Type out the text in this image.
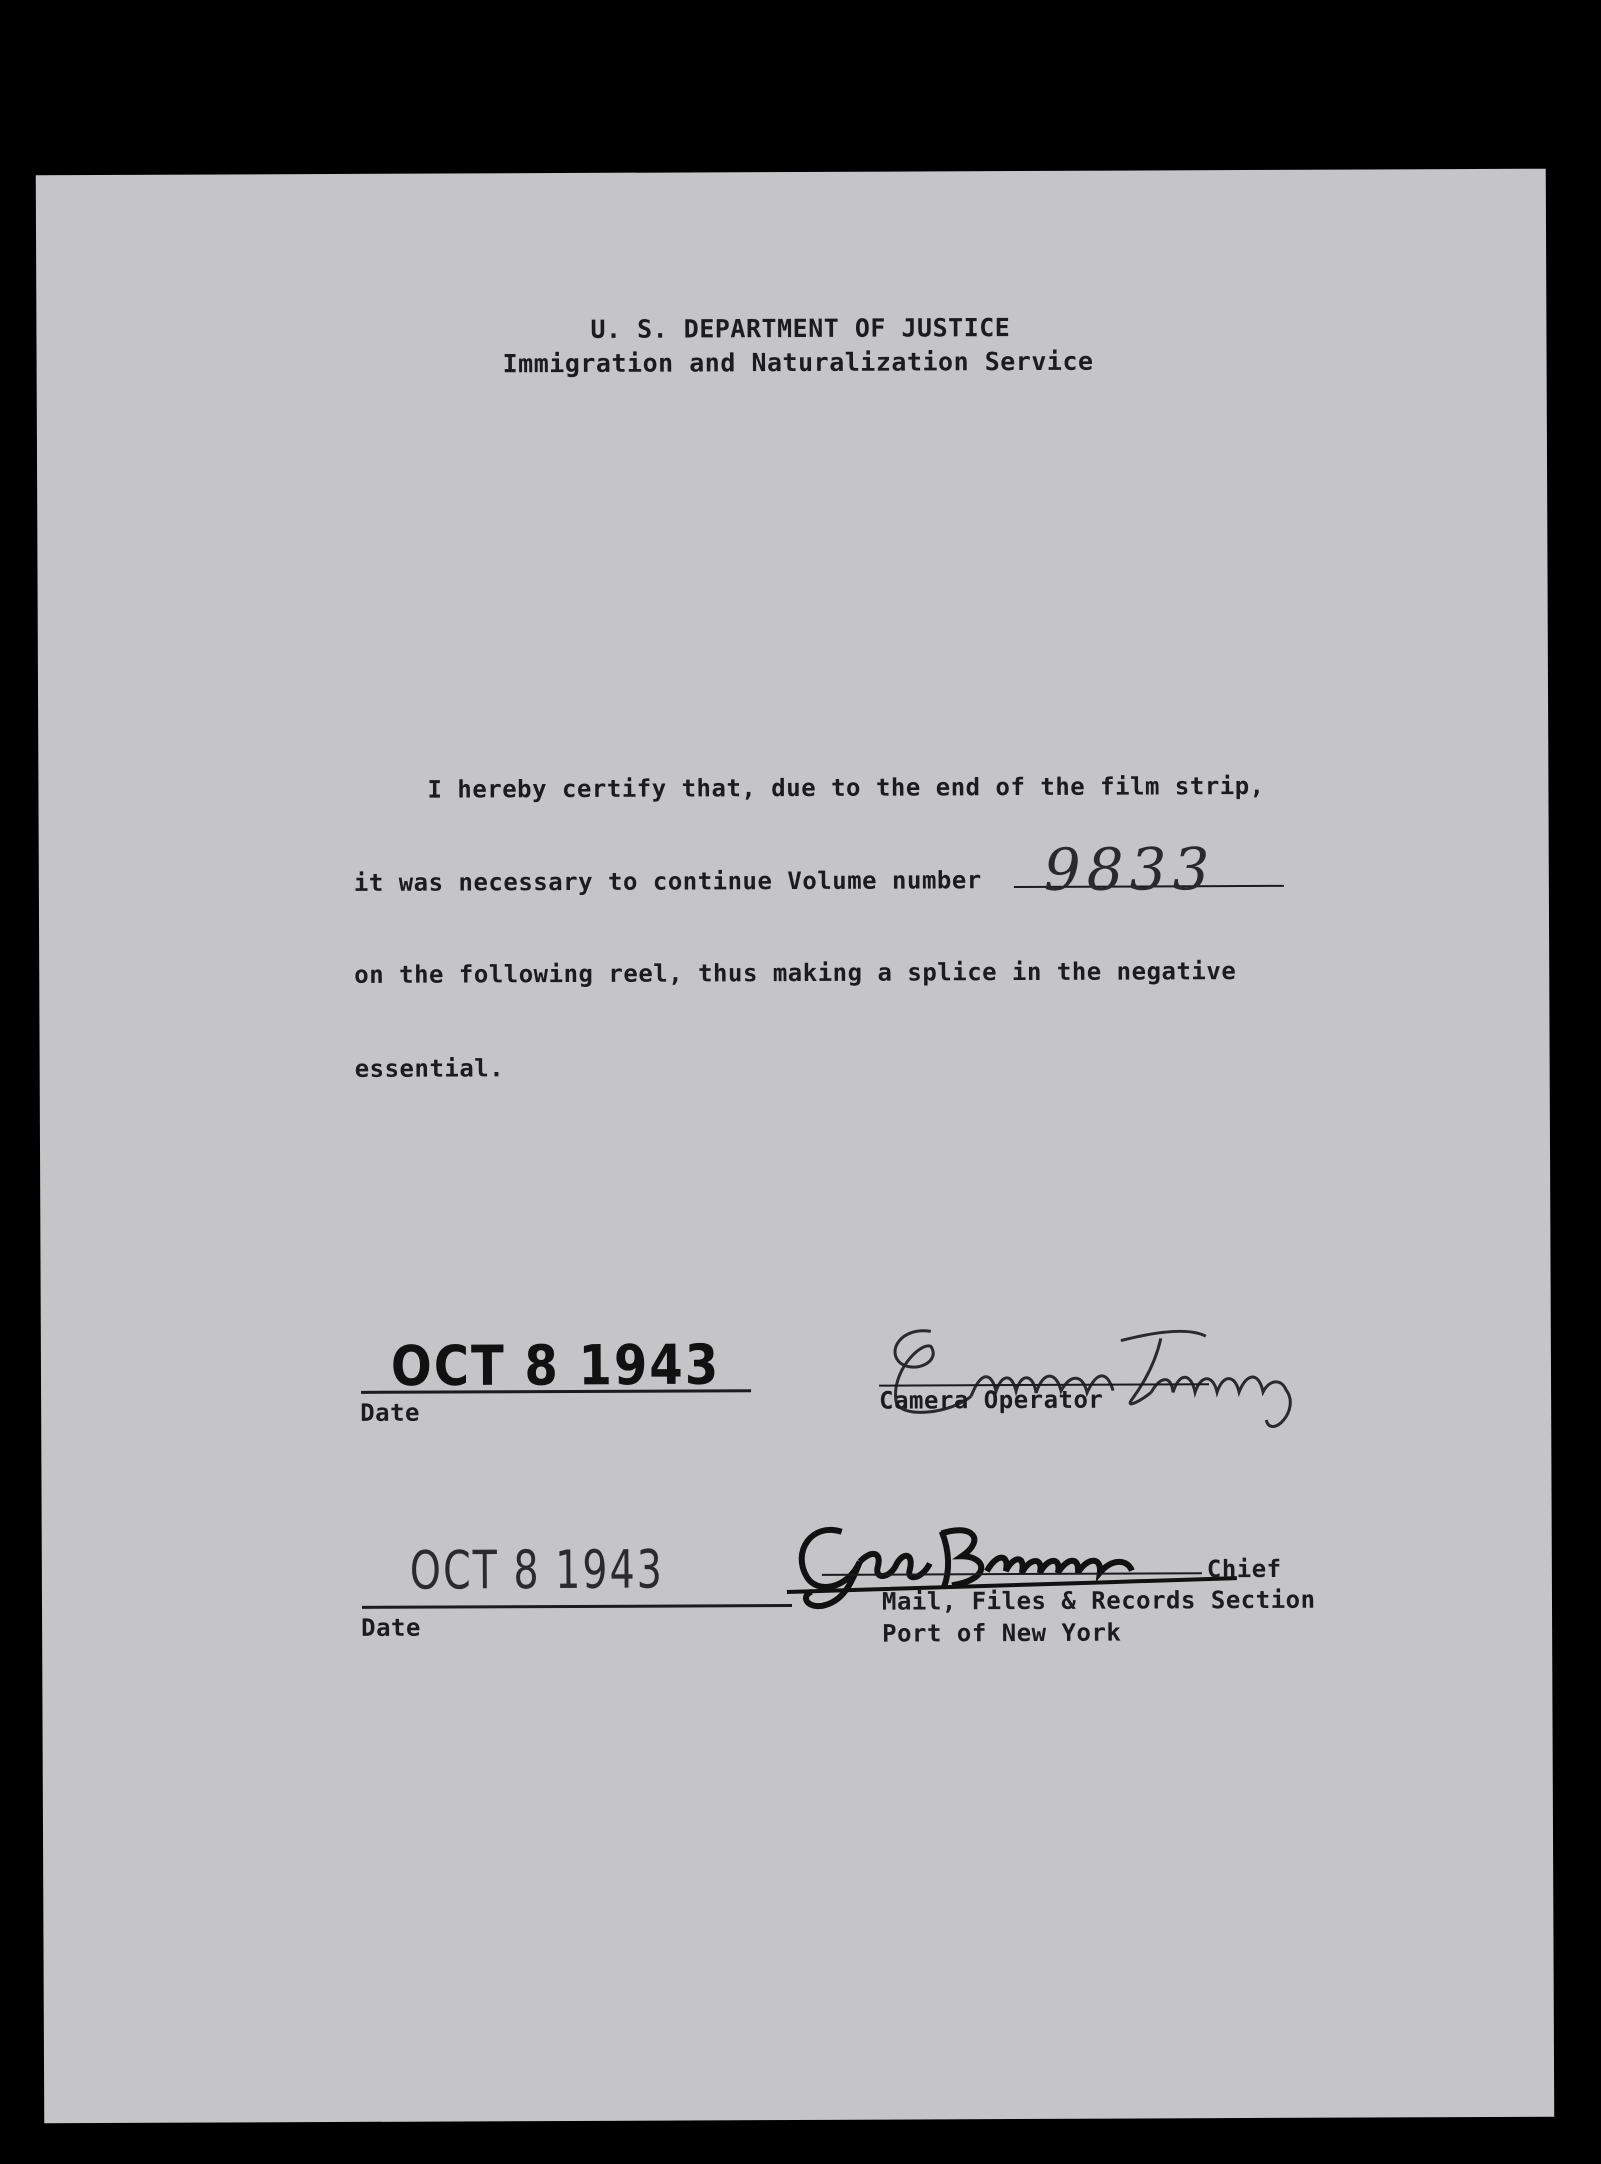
U. S. DEPARTMENT OF JUSTICE
Immigration and Naturalization Service
I hereby certify that, due to the end of the film strip,
it was necessary to continue Volume number 9833
on the following reel, thus making a splice in the negative
essential.
OCT 8 1943
Date	Camera Operator
OCT 8 1943
Date
Chief
Mail, Files & Records Section
Port of New York
